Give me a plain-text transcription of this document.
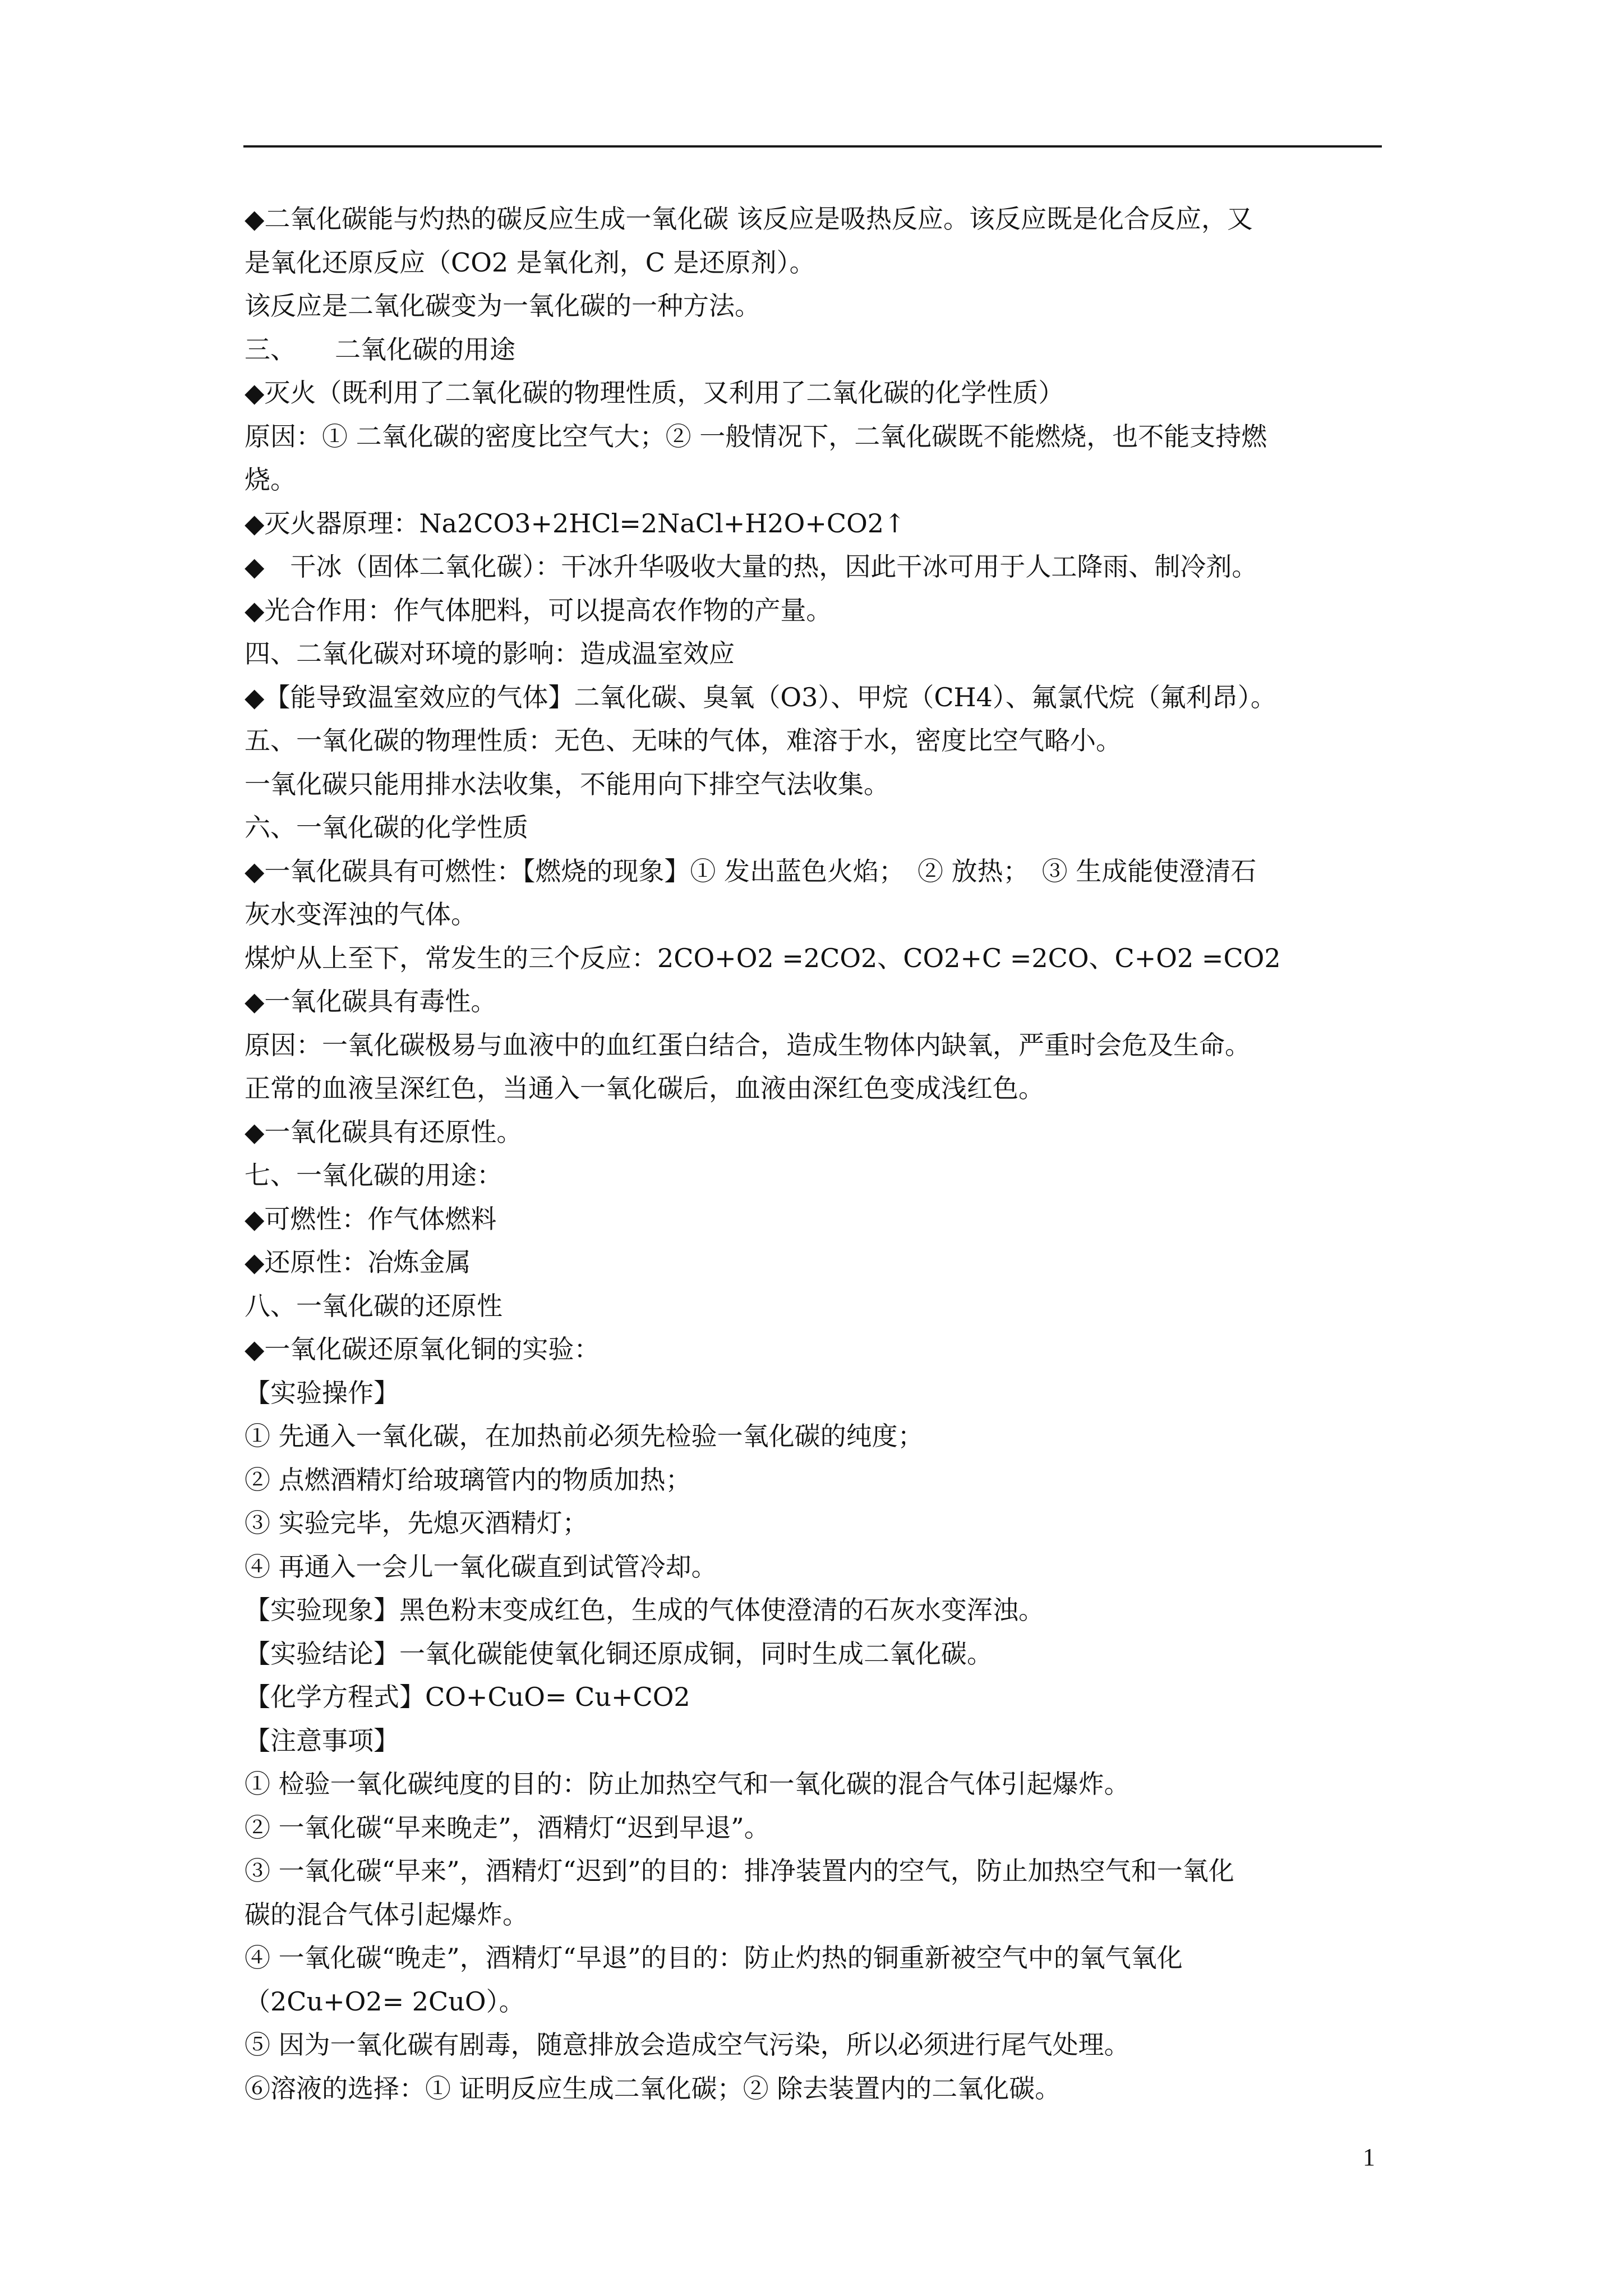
◆二氧化碳能与灼热的碳反应生成一氧化碳 该反应是吸热反应。该反应既是化合反应，又
是氧化还原反应（CO2 是氧化剂，C 是还原剂）。
该反应是二氧化碳变为一氧化碳的一种方法。
三、　　二氧化碳的用途
◆灭火（既利用了二氧化碳的物理性质，又利用了二氧化碳的化学性质）
原因：① 二氧化碳的密度比空气大；② 一般情况下，二氧化碳既不能燃烧，也不能支持燃
烧。
◆灭火器原理：Na2CO3+2HCl=2NaCl+H2O+CO2↑
◆　干冰（固体二氧化碳）：干冰升华吸收大量的热，因此干冰可用于人工降雨、制冷剂。
◆光合作用：作气体肥料，可以提高农作物的产量。
四、二氧化碳对环境的影响：造成温室效应
◆【能导致温室效应的气体】二氧化碳、臭氧（O3）、甲烷（CH4）、氟氯代烷（氟利昂）。
五、一氧化碳的物理性质：无色、无味的气体，难溶于水，密度比空气略小。
一氧化碳只能用排水法收集，不能用向下排空气法收集。
六、一氧化碳的化学性质
◆一氧化碳具有可燃性：【燃烧的现象】① 发出蓝色火焰；　② 放热；　③ 生成能使澄清石
灰水变浑浊的气体。
煤炉从上至下，常发生的三个反应：2CO+O2 =2CO2、CO2+C =2CO、C+O2 =CO2
◆一氧化碳具有毒性。
原因：一氧化碳极易与血液中的血红蛋白结合，造成生物体内缺氧，严重时会危及生命。
正常的血液呈深红色，当通入一氧化碳后，血液由深红色变成浅红色。
◆一氧化碳具有还原性。
七、一氧化碳的用途：
◆可燃性：作气体燃料
◆还原性：冶炼金属
八、一氧化碳的还原性
◆一氧化碳还原氧化铜的实验：
【实验操作】
① 先通入一氧化碳，在加热前必须先检验一氧化碳的纯度；
② 点燃酒精灯给玻璃管内的物质加热；
③ 实验完毕，先熄灭酒精灯；
④ 再通入一会儿一氧化碳直到试管冷却。
【实验现象】黑色粉末变成红色，生成的气体使澄清的石灰水变浑浊。
【实验结论】一氧化碳能使氧化铜还原成铜，同时生成二氧化碳。
【化学方程式】CO+CuO= Cu+CO2
【注意事项】
① 检验一氧化碳纯度的目的：防止加热空气和一氧化碳的混合气体引起爆炸。
② 一氧化碳“早来晚走”，酒精灯“迟到早退”。
③ 一氧化碳“早来”，酒精灯“迟到”的目的：排净装置内的空气，防止加热空气和一氧化
碳的混合气体引起爆炸。
④ 一氧化碳“晚走”，酒精灯“早退”的目的：防止灼热的铜重新被空气中的氧气氧化
（2Cu+O2= 2CuO）。
⑤ 因为一氧化碳有剧毒，随意排放会造成空气污染，所以必须进行尾气处理。
⑥溶液的选择：① 证明反应生成二氧化碳；② 除去装置内的二氧化碳。
1
